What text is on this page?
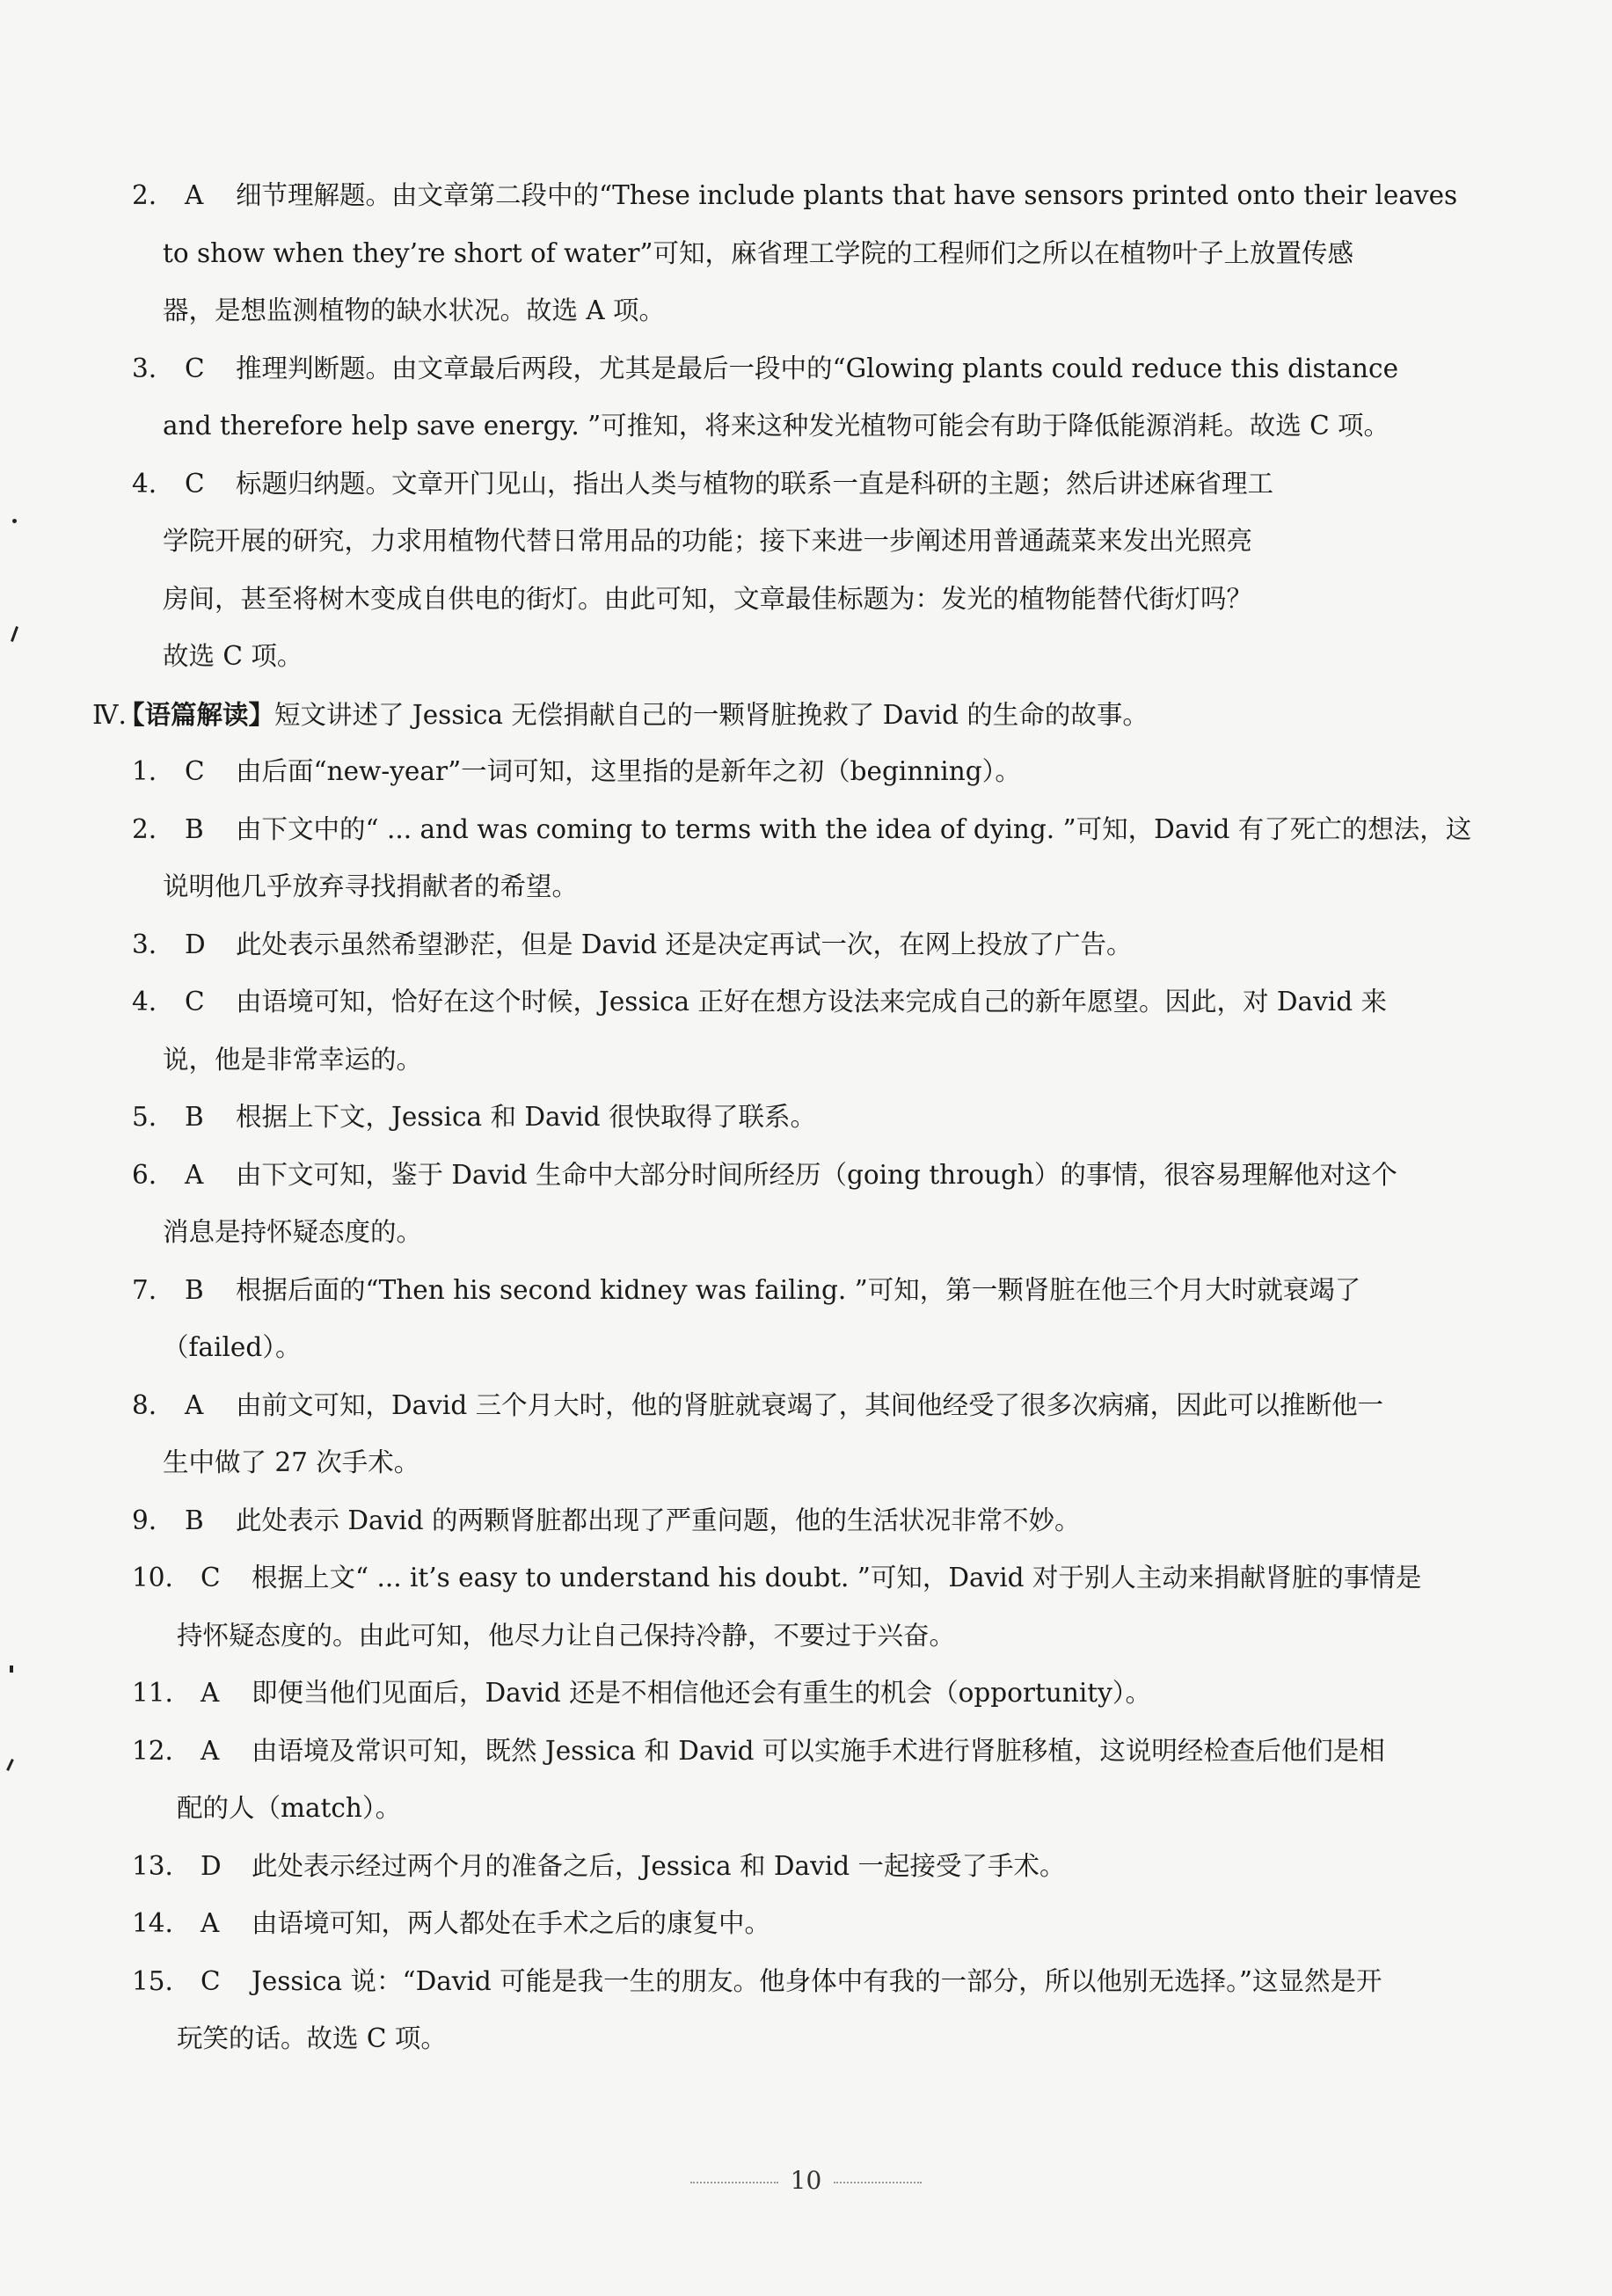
2. A 细节理解题。由文章第二段中的“These include plants that have sensors printed onto their leaves
to show when they’re short of water”可知，麻省理工学院的工程师们之所以在植物叶子上放置传感
器，是想监测植物的缺水状况。故选 A 项。
3. C 推理判断题。由文章最后两段，尤其是最后一段中的“Glowing plants could reduce this distance
and therefore help save energy. ”可推知，将来这种发光植物可能会有助于降低能源消耗。故选 C 项。
4. C 标题归纳题。文章开门见山，指出人类与植物的联系一直是科研的主题；然后讲述麻省理工
学院开展的研究，力求用植物代替日常用品的功能；接下来进一步阐述用普通蔬菜来发出光照亮
房间，甚至将树木变成自供电的街灯。由此可知，文章最佳标题为：发光的植物能替代街灯吗？
故选 C 项。
Ⅳ.【语篇解读】短文讲述了 Jessica 无偿捐献自己的一颗肾脏挽救了 David 的生命的故事。
1. C 由后面“new-year”一词可知，这里指的是新年之初（beginning）。
2. B 由下文中的“ ... and was coming to terms with the idea of dying. ”可知，David 有了死亡的想法，这
说明他几乎放弃寻找捐献者的希望。
3. D 此处表示虽然希望渺茫，但是 David 还是决定再试一次，在网上投放了广告。
4. C 由语境可知，恰好在这个时候，Jessica 正好在想方设法来完成自己的新年愿望。因此，对 David 来
说，他是非常幸运的。
5. B 根据上下文，Jessica 和 David 很快取得了联系。
6. A 由下文可知，鉴于 David 生命中大部分时间所经历（going through）的事情，很容易理解他对这个
消息是持怀疑态度的。
7. B 根据后面的“Then his second kidney was failing. ”可知，第一颗肾脏在他三个月大时就衰竭了
（failed）。
8. A 由前文可知，David 三个月大时，他的肾脏就衰竭了，其间他经受了很多次病痛，因此可以推断他一
生中做了 27 次手术。
9. B 此处表示 David 的两颗肾脏都出现了严重问题，他的生活状况非常不妙。
10. C 根据上文“ ... it’s easy to understand his doubt. ”可知，David 对于别人主动来捐献肾脏的事情是
持怀疑态度的。由此可知，他尽力让自己保持冷静，不要过于兴奋。
11. A 即便当他们见面后，David 还是不相信他还会有重生的机会（opportunity）。
12. A 由语境及常识可知，既然 Jessica 和 David 可以实施手术进行肾脏移植，这说明经检查后他们是相
配的人（match）。
13. D 此处表示经过两个月的准备之后，Jessica 和 David 一起接受了手术。
14. A 由语境可知，两人都处在手术之后的康复中。
15. C Jessica 说：“David 可能是我一生的朋友。他身体中有我的一部分，所以他别无选择。”这显然是开
玩笑的话。故选 C 项。
10
